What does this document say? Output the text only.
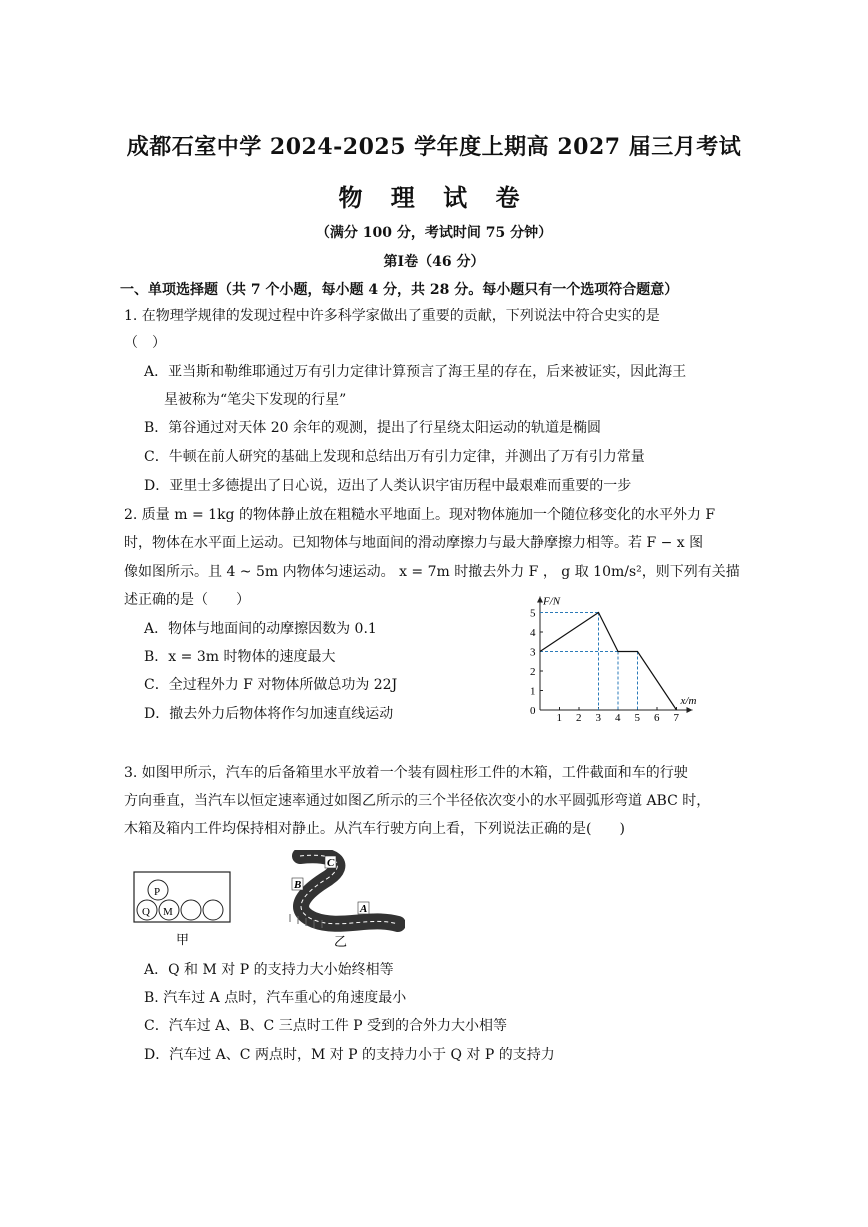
成都石室中学 2024-2025 学年度上期高 2027 届三月考试
物 理 试 卷
（满分 100 分，考试时间 75 分钟）
第Ⅰ卷（46 分）
一、单项选择题（共 7 个小题，每小题 4 分，共 28 分。每小题只有一个选项符合题意）
1. 在物理学规律的发现过程中许多科学家做出了重要的贡献，下列说法中符合史实的是
（　）
A．亚当斯和勒维耶通过万有引力定律计算预言了海王星的存在，后来被证实，因此海王
星被称为“笔尖下发现的行星”
B．第谷通过对天体 20 余年的观测，提出了行星绕太阳运动的轨道是椭圆
C．牛顿在前人研究的基础上发现和总结出万有引力定律，并测出了万有引力常量
D．亚里士多德提出了日心说，迈出了人类认识宇宙历程中最艰难而重要的一步
2. 质量 m = 1kg 的物体静止放在粗糙水平地面上。现对物体施加一个随位移变化的水平外力 F
时，物体在水平面上运动。已知物体与地面间的滑动摩擦力与最大静摩擦力相等。若 F − x 图
像如图所示。且 4 ~ 5m 内物体匀速运动。 x = 7m 时撤去外力 F ， g 取 10m/s²，则下列有关描
述正确的是（　　）
A．物体与地面间的动摩擦因数为 0.1
B．x = 3m 时物体的速度最大
C．全过程外力 F 对物体所做总功为 22J
D．撤去外力后物体将作匀加速直线运动	1 2 3 4 5 6 7
0
1
2
3
4
5
F/N
x/m
3. 如图甲所示，汽车的后备箱里水平放着一个装有圆柱形工件的木箱，工件截面和车的行驶
方向垂直，当汽车以恒定速率通过如图乙所示的三个半径依次变小的水平圆弧形弯道 ABC 时，
木箱及箱内工件均保持相对静止。从汽车行驶方向上看，下列说法正确的是(　　)
P
Q M
甲
C
B
A
乙
A．Q 和 M 对 P 的支持力大小始终相等
B. 汽车过 A 点时，汽车重心的角速度最小
C．汽车过 A、B、C 三点时工件 P 受到的合外力大小相等
D．汽车过 A、C 两点时，M 对 P 的支持力小于 Q 对 P 的支持力
